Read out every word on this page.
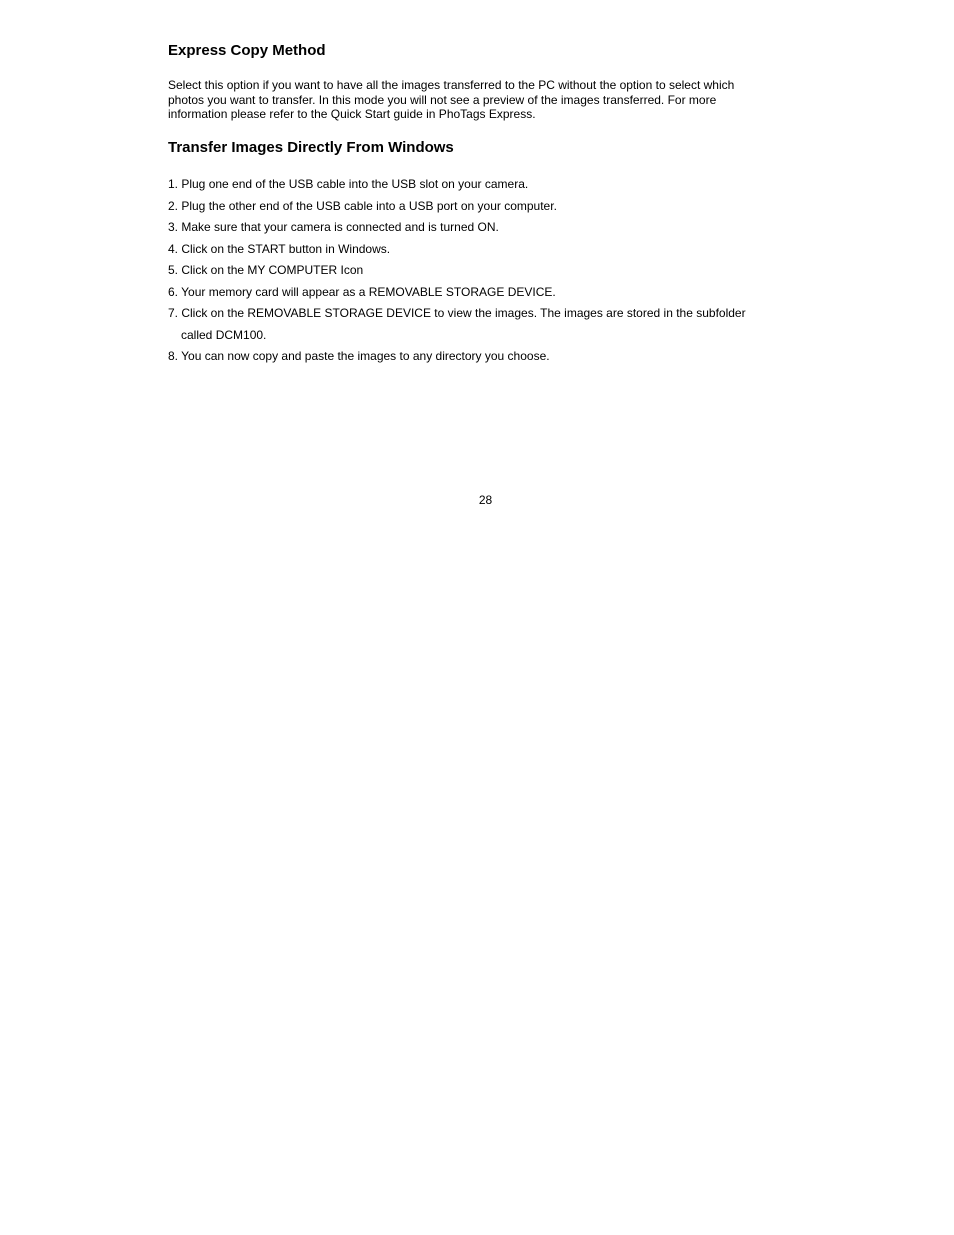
Express Copy Method
Select this option if you want to have all the images transferred to the PC without the option to select which
photos you want to transfer. In this mode you will not see a preview of the images transferred. For more
information please refer to the Quick Start guide in PhoTags Express.
Transfer Images Directly From Windows
1. Plug one end of the USB cable into the USB slot on your camera.
2. Plug the other end of the USB cable into a USB port on your computer.
3. Make sure that your camera is connected and is turned ON.
4. Click on the START button in Windows.
5. Click on the MY COMPUTER Icon
6. Your memory card will appear as a REMOVABLE STORAGE DEVICE.
7. Click on the REMOVABLE STORAGE DEVICE to view the images. The images are stored in the subfolder
called DCM100.
8. You can now copy and paste the images to any directory you choose.
28
